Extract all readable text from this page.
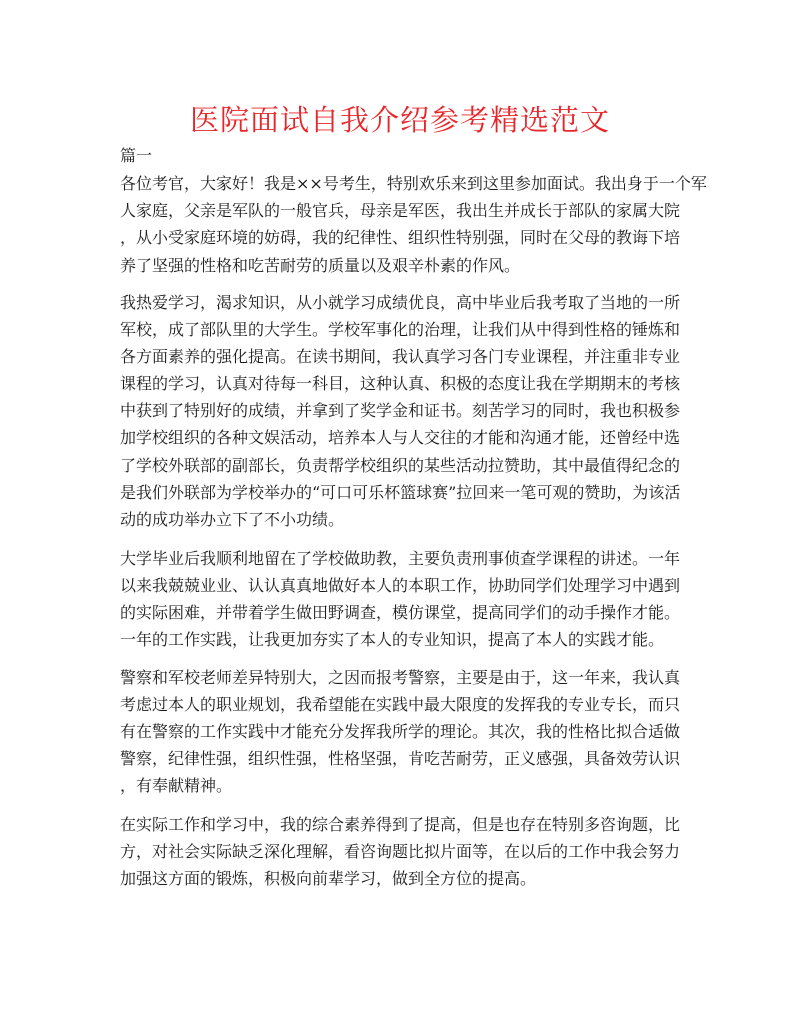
医院面试自我介绍参考精选范文
篇一
各位考官，大家好！我是××号考生，特别欢乐来到这里参加面试。我出身于一个军
人家庭，父亲是军队的一般官兵，母亲是军医，我出生并成长于部队的家属大院
，从小受家庭环境的妨碍，我的纪律性、组织性特别强，同时在父母的教诲下培
养了坚强的性格和吃苦耐劳的质量以及艰辛朴素的作风。
我热爱学习，渴求知识，从小就学习成绩优良，高中毕业后我考取了当地的一所
军校，成了部队里的大学生。学校军事化的治理，让我们从中得到性格的锤炼和
各方面素养的强化提高。在读书期间，我认真学习各门专业课程，并注重非专业
课程的学习，认真对待每一科目，这种认真、积极的态度让我在学期期末的考核
中获到了特别好的成绩，并拿到了奖学金和证书。刻苦学习的同时，我也积极参
加学校组织的各种文娱活动，培养本人与人交往的才能和沟通才能，还曾经中选
了学校外联部的副部长，负责帮学校组织的某些活动拉赞助，其中最值得纪念的
是我们外联部为学校举办的“可口可乐杯篮球赛”拉回来一笔可观的赞助，为该活
动的成功举办立下了不小功绩。
大学毕业后我顺利地留在了学校做助教，主要负责刑事侦查学课程的讲述。一年
以来我兢兢业业、认认真真地做好本人的本职工作，协助同学们处理学习中遇到
的实际困难，并带着学生做田野调查，模仿课堂，提高同学们的动手操作才能。
一年的工作实践，让我更加夯实了本人的专业知识，提高了本人的实践才能。
警察和军校老师差异特别大，之因而报考警察，主要是由于，这一年来，我认真
考虑过本人的职业规划，我希望能在实践中最大限度的发挥我的专业专长，而只
有在警察的工作实践中才能充分发挥我所学的理论。其次，我的性格比拟合适做
警察，纪律性强，组织性强，性格坚强，肯吃苦耐劳，正义感强，具备效劳认识
，有奉献精神。
在实际工作和学习中，我的综合素养得到了提高，但是也存在特别多咨询题，比
方，对社会实际缺乏深化理解，看咨询题比拟片面等，在以后的工作中我会努力
加强这方面的锻炼，积极向前辈学习，做到全方位的提高。
